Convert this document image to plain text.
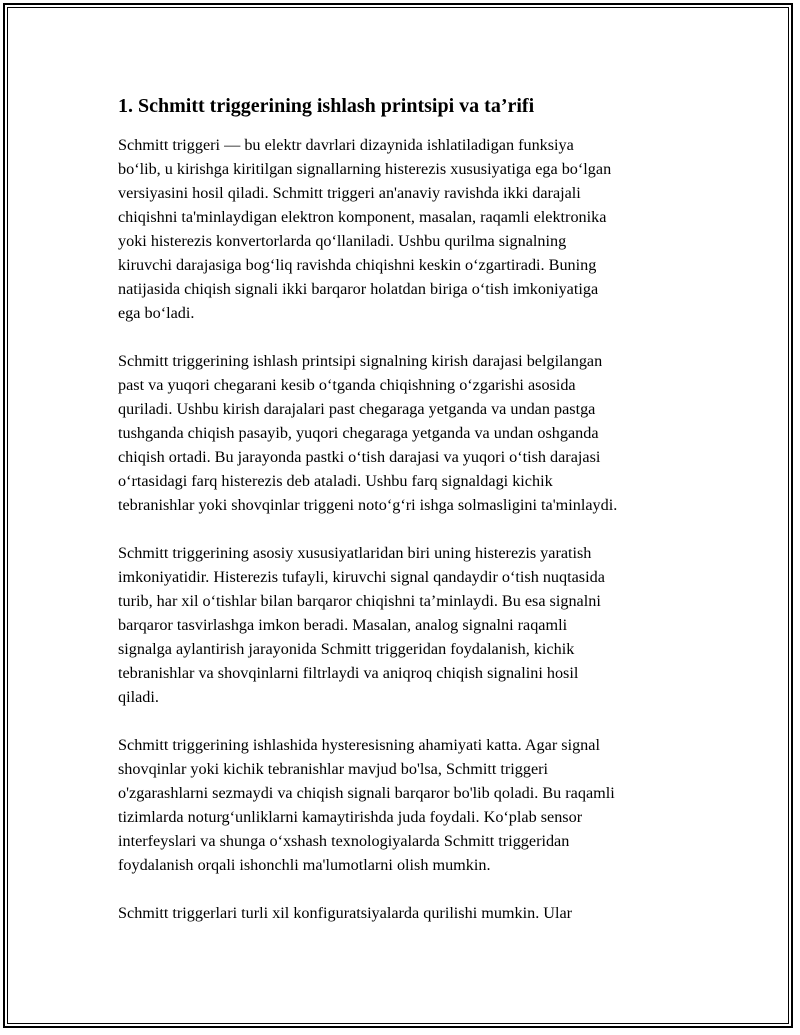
1. Schmitt triggerining ishlash printsipi va ta’rifi

Schmitt triggeri — bu elektr davrlari dizaynida ishlatiladigan funksiya
bo‘lib, u kirishga kiritilgan signallarning histerezis xususiyatiga ega bo‘lgan
versiyasini hosil qiladi. Schmitt triggeri an'anaviy ravishda ikki darajali
chiqishni ta'minlaydigan elektron komponent, masalan, raqamli elektronika
yoki histerezis konvertorlarda qo‘llaniladi. Ushbu qurilma signalning
kiruvchi darajasiga bog‘liq ravishda chiqishni keskin o‘zgartiradi. Buning
natijasida chiqish signali ikki barqaror holatdan biriga o‘tish imkoniyatiga
ega bo‘ladi.

Schmitt triggerining ishlash printsipi signalning kirish darajasi belgilangan
past va yuqori chegarani kesib o‘tganda chiqishning o‘zgarishi asosida
quriladi. Ushbu kirish darajalari past chegaraga yetganda va undan pastga
tushganda chiqish pasayib, yuqori chegaraga yetganda va undan oshganda
chiqish ortadi. Bu jarayonda pastki o‘tish darajasi va yuqori o‘tish darajasi
o‘rtasidagi farq histerezis deb ataladi. Ushbu farq signaldagi kichik
tebranishlar yoki shovqinlar triggeni noto‘g‘ri ishga solmasligini ta'minlaydi.

Schmitt triggerining asosiy xususiyatlaridan biri uning histerezis yaratish
imkoniyatidir. Histerezis tufayli, kiruvchi signal qandaydir o‘tish nuqtasida
turib, har xil o‘tishlar bilan barqaror chiqishni ta’minlaydi. Bu esa signalni
barqaror tasvirlashga imkon beradi. Masalan, analog signalni raqamli
signalga aylantirish jarayonida Schmitt triggeridan foydalanish, kichik
tebranishlar va shovqinlarni filtrlaydi va aniqroq chiqish signalini hosil
qiladi.

Schmitt triggerining ishlashida hysteresisning ahamiyati katta. Agar signal
shovqinlar yoki kichik tebranishlar mavjud bo'lsa, Schmitt triggeri
o'zgarashlarni sezmaydi va chiqish signali barqaror bo'lib qoladi. Bu raqamli
tizimlarda noturg‘unliklarni kamaytirishda juda foydali. Ko‘plab sensor
interfeyslari va shunga o‘xshash texnologiyalarda Schmitt triggeridan
foydalanish orqali ishonchli ma'lumotlarni olish mumkin.

Schmitt triggerlari turli xil konfiguratsiyalarda qurilishi mumkin. Ular
